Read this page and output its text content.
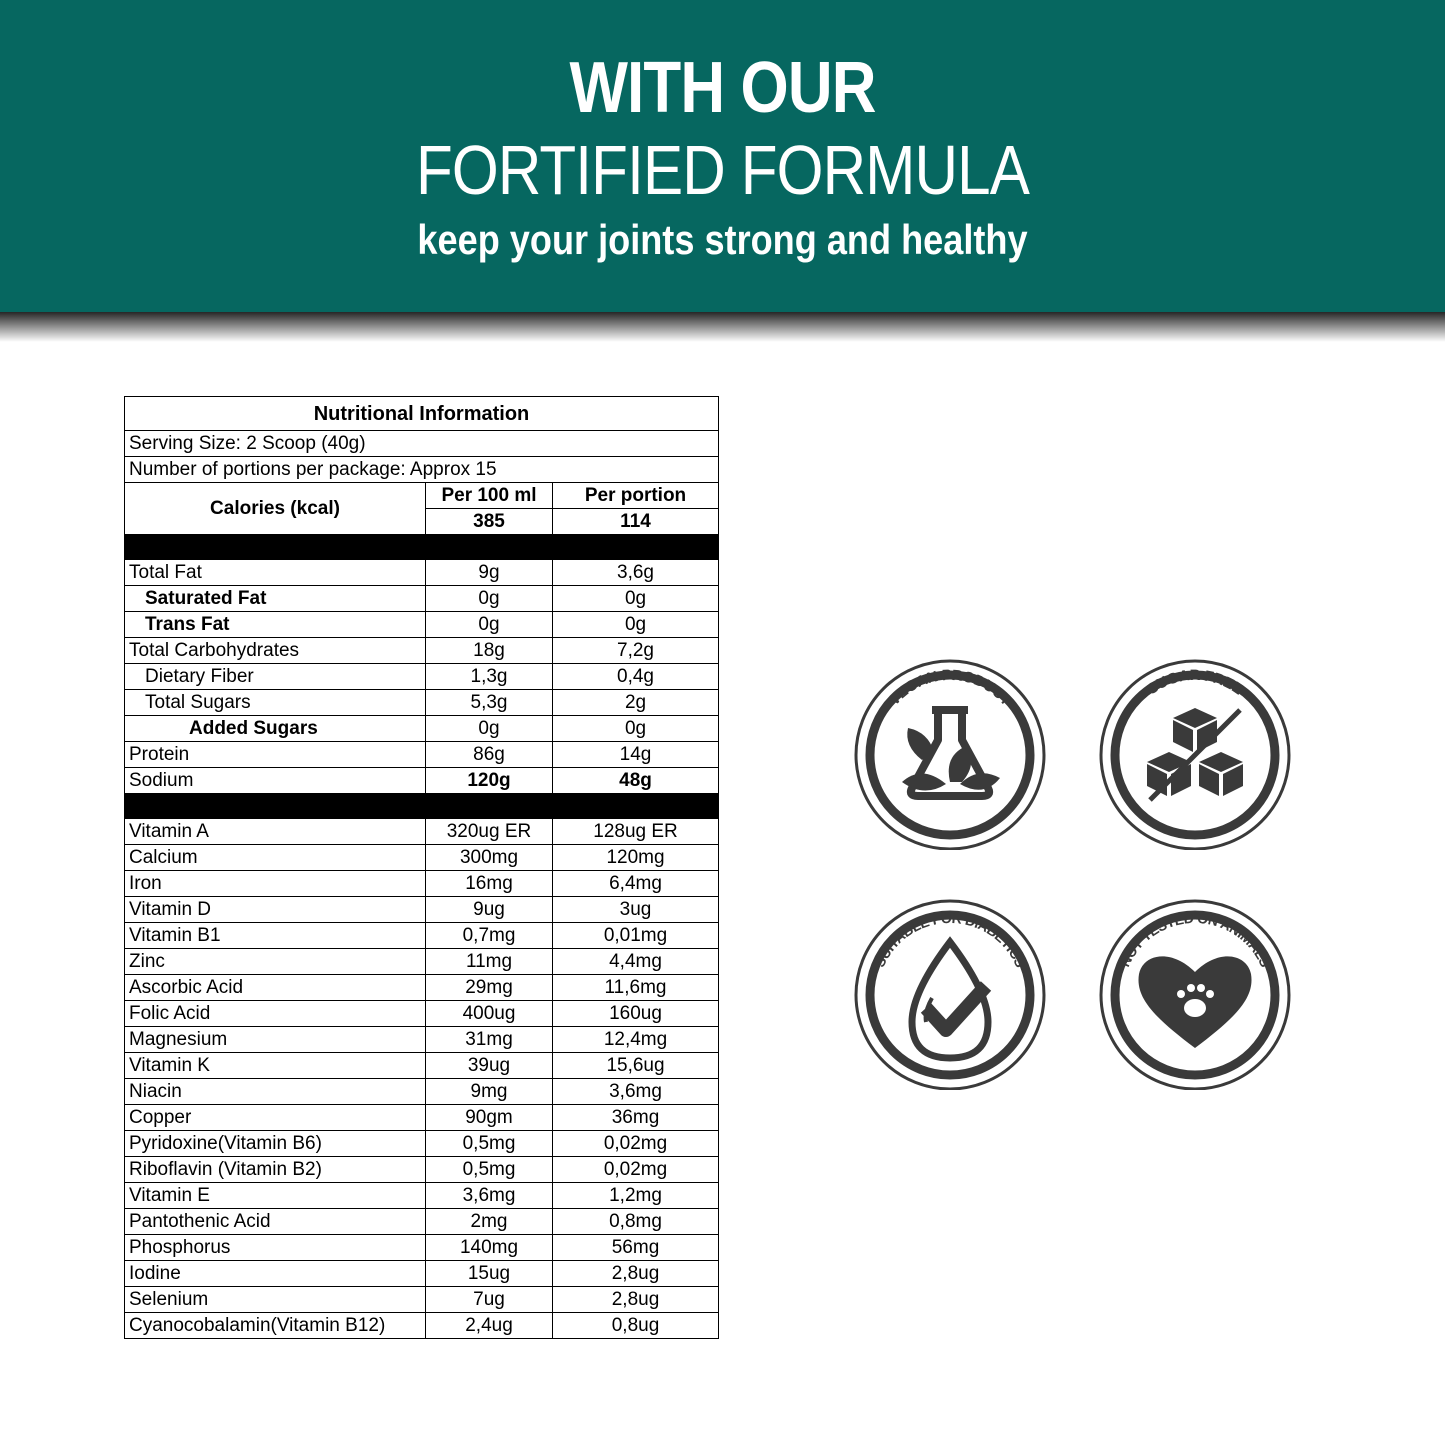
WITH OUR
FORTIFIED FORMULA
keep your joints strong and healthy
Nutritional Information		
Serving Size: 2 Scoop (40g)		
Number of portions per package: Approx 15		
Calories (kcal)	Per 100 ml	Per portion
	385	114

Total Fat	9g	3,6g
Saturated Fat	0g	0g
Trans Fat	0g	0g
Total Carbohydrates	18g	7,2g
Dietary Fiber	1,3g	0,4g
Total Sugars	5,3g	2g
Added Sugars	0g	0g
Protein	86g	14g
Sodium	120g	48g

Vitamin A	320ug ER	128ug ER
Calcium	300mg	120mg
Iron	16mg	6,4mg
Vitamin D	9ug	3ug
Vitamin B1	0,7mg	0,01mg
Zinc	11mg	4,4mg
Ascorbic Acid	29mg	11,6mg
Folic Acid	400ug	160ug
Magnesium	31mg	12,4mg
Vitamin K	39ug	15,6ug
Niacin	9mg	3,6mg
Copper	90gm	36mg
Pyridoxine(Vitamin B6)	0,5mg	0,02mg
Riboflavin (Vitamin B2)	0,5mg	0,02mg
Vitamin E	3,6mg	1,2mg
Pantothenic Acid	2mg	0,8mg
Phosphorus	140mg	56mg
Iodine	15ug	2,8ug
Selenium	7ug	2,8ug
Cyanocobalamin(Vitamin B12)	2,4ug	0,8ug
VEGAN PRODUCT
SUGAR FREE
SUITABLE FOR DIABETICS	NOT TESTED ON ANIMALS
